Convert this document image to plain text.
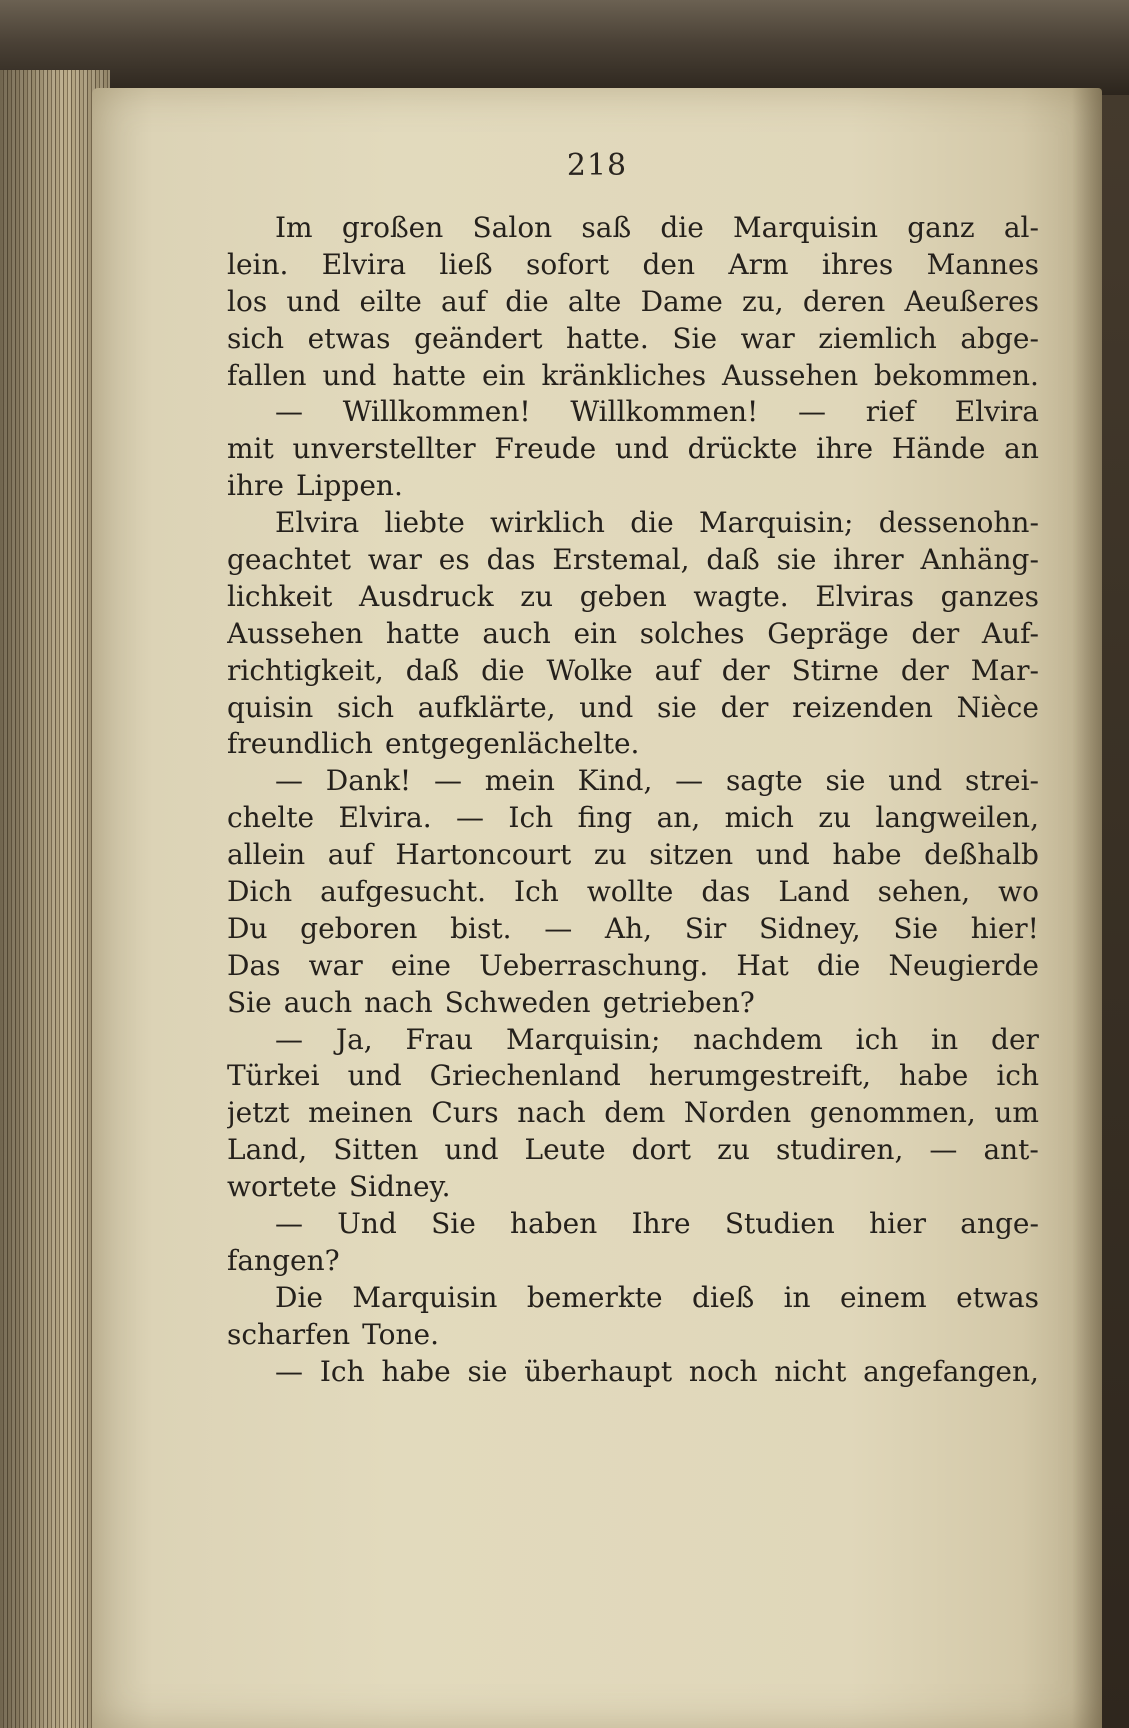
218
Im großen Salon saß die Marquisin ganz al-
lein. Elvira ließ sofort den Arm ihres Mannes
los und eilte auf die alte Dame zu, deren Aeußeres
sich etwas geändert hatte. Sie war ziemlich abge-
fallen und hatte ein kränkliches Aussehen bekommen.
— Willkommen! Willkommen! — rief Elvira
mit unverstellter Freude und drückte ihre Hände an
ihre Lippen.
Elvira liebte wirklich die Marquisin; dessenohn-
geachtet war es das Erstemal, daß sie ihrer Anhäng-
lichkeit Ausdruck zu geben wagte. Elviras ganzes
Aussehen hatte auch ein solches Gepräge der Auf-
richtigkeit, daß die Wolke auf der Stirne der Mar-
quisin sich aufklärte, und sie der reizenden Nièce
freundlich entgegenlächelte.
— Dank! — mein Kind, — sagte sie und strei-
chelte Elvira. — Ich fing an, mich zu langweilen,
allein auf Hartoncourt zu sitzen und habe deßhalb
Dich aufgesucht. Ich wollte das Land sehen, wo
Du geboren bist. — Ah, Sir Sidney, Sie hier!
Das war eine Ueberraschung. Hat die Neugierde
Sie auch nach Schweden getrieben?
— Ja, Frau Marquisin; nachdem ich in der
Türkei und Griechenland herumgestreift, habe ich
jetzt meinen Curs nach dem Norden genommen, um
Land, Sitten und Leute dort zu studiren, — ant-
wortete Sidney.
— Und Sie haben Ihre Studien hier ange-
fangen?
Die Marquisin bemerkte dieß in einem etwas
scharfen Tone.
— Ich habe sie überhaupt noch nicht angefangen,
